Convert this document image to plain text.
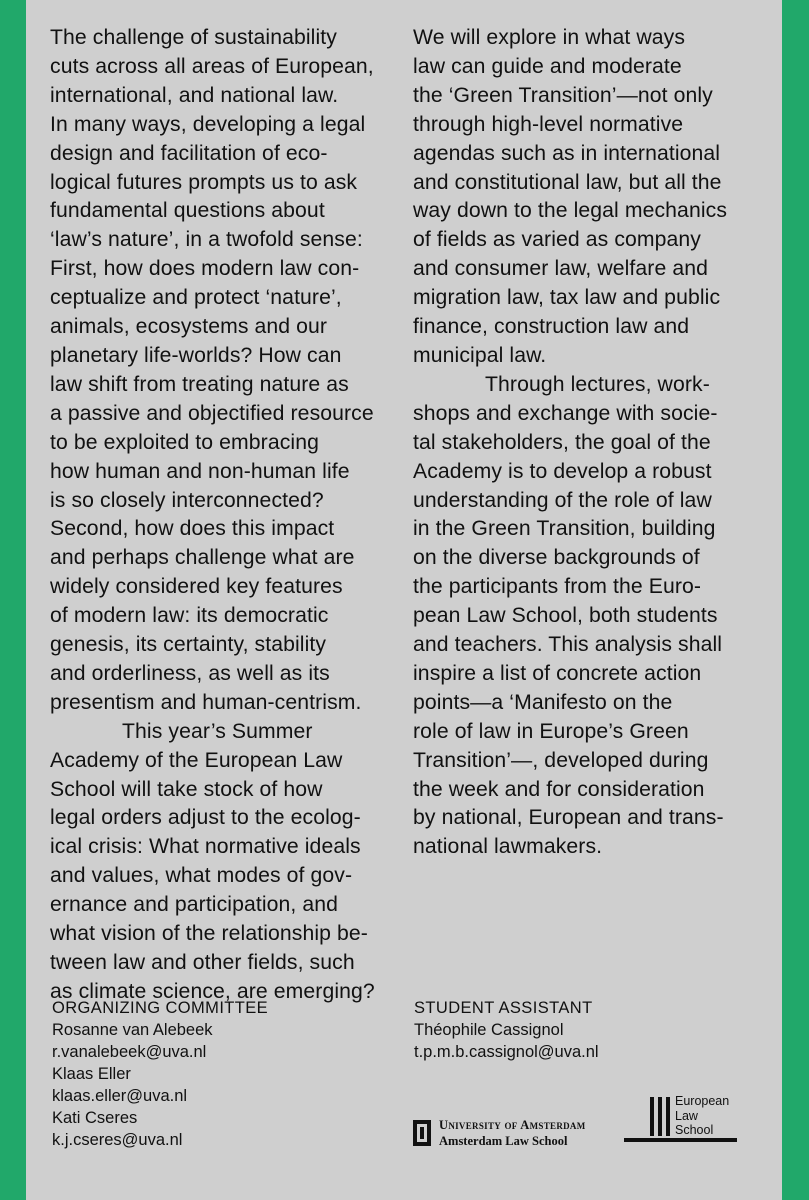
The challenge of sustainability
cuts across all areas of European,
international, and national law.
In many ways, developing a legal
design and facilitation of eco-
logical futures prompts us to ask
fundamental questions about
‘law’s nature’, in a twofold sense:
First, how does modern law con-
ceptualize and protect ‘nature’,
animals, ecosystems and our
planetary life-worlds? How can
law shift from treating nature as
a passive and objectified resource
to be exploited to embracing
how human and non-human life
is so closely interconnected?
Second, how does this impact
and perhaps challenge what are
widely considered key features
of modern law: its democratic
genesis, its certainty, stability
and orderliness, as well as its
presentism and human-centrism.

This year’s Summer
Academy of the European Law
School will take stock of how
legal orders adjust to the ecolog-
ical crisis: What normative ideals
and values, what modes of gov-
ernance and participation, and
what vision of the relationship be-
tween law and other fields, such
as climate science, are emerging?

We will explore in what ways
law can guide and moderate
the ‘Green Transition’—not only
through high-level normative
agendas such as in international
and constitutional law, but all the
way down to the legal mechanics
of fields as varied as company
and consumer law, welfare and
migration law, tax law and public
finance, construction law and
municipal law.

Through lectures, work-
shops and exchange with socie-
tal stakeholders, the goal of the
Academy is to develop a robust
understanding of the role of law
in the Green Transition, building
on the diverse backgrounds of
the participants from the Euro-
pean Law School, both students
and teachers. This analysis shall
inspire a list of concrete action
points—a ‘Manifesto on the
role of law in Europe’s Green
Transition’—, developed during
the week and for consideration
by national, European and trans-
national lawmakers.

ORGANIZING COMMITTEE
Rosanne van Alebeek
r.vanalebeek@uva.nl
Klaas Eller
klaas.eller@uva.nl
Kati Cseres
k.j.cseres@uva.nl
STUDENT ASSISTANT
Théophile Cassignol
t.p.m.b.cassignol@uva.nl
University of Amsterdam
Amsterdam Law School
European
Law
School
